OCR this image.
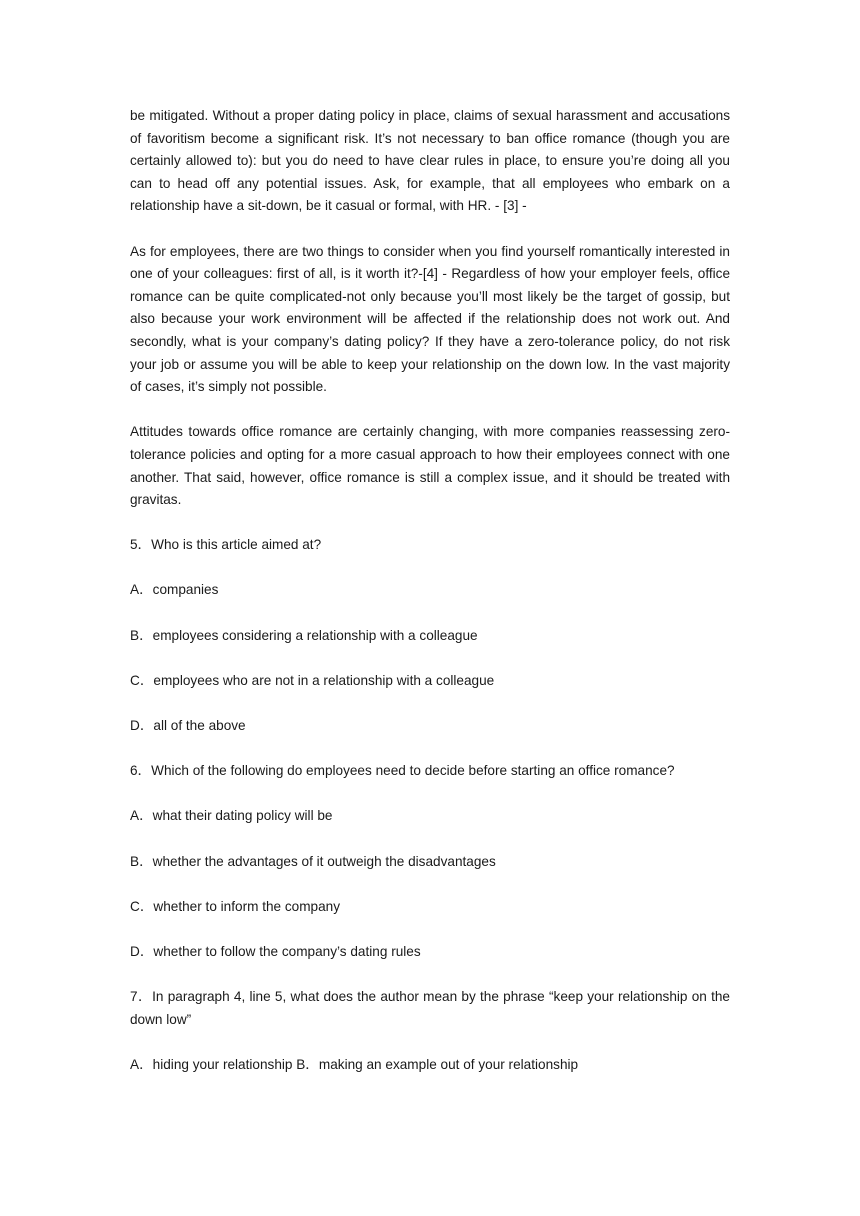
be mitigated. Without a proper dating policy in place, claims of sexual harassment and accusations of favoritism become a significant risk. It’s not necessary to ban office romance (though you are certainly allowed to): but you do need to have clear rules in place, to ensure you’re doing all you can to head off any potential issues. Ask, for example, that all employees who embark on a relationship have a sit-down, be it casual or formal, with HR. - [3] -

As for employees, there are two things to consider when you find yourself romantically interested in one of your colleagues: first of all, is it worth it?-[4] - Regardless of how your employer feels, office romance can be quite complicated-not only because you’ll most likely be the target of gossip, but also because your work environment will be affected if the relationship does not work out. And secondly, what is your company’s dating policy? If they have a zero-tolerance policy, do not risk your job or assume you will be able to keep your relationship on the down low. In the vast majority of cases, it’s simply not possible.

Attitudes towards office romance are certainly changing, with more companies reassessing zero-tolerance policies and opting for a more casual approach to how their employees connect with one another. That said, however, office romance is still a complex issue, and it should be treated with gravitas.

5．Who is this article aimed at?

A．companies

B．employees considering a relationship with a colleague

C．employees who are not in a relationship with a colleague

D．all of the above

6．Which of the following do employees need to decide before starting an office romance?

A．what their dating policy will be

B．whether the advantages of it outweigh the disadvantages

C．whether to inform the company

D．whether to follow the company’s dating rules

7．In paragraph 4, line 5, what does the author mean by the phrase “keep your relationship on the down low”

A．hiding your relationship B．making an example out of your relationship
